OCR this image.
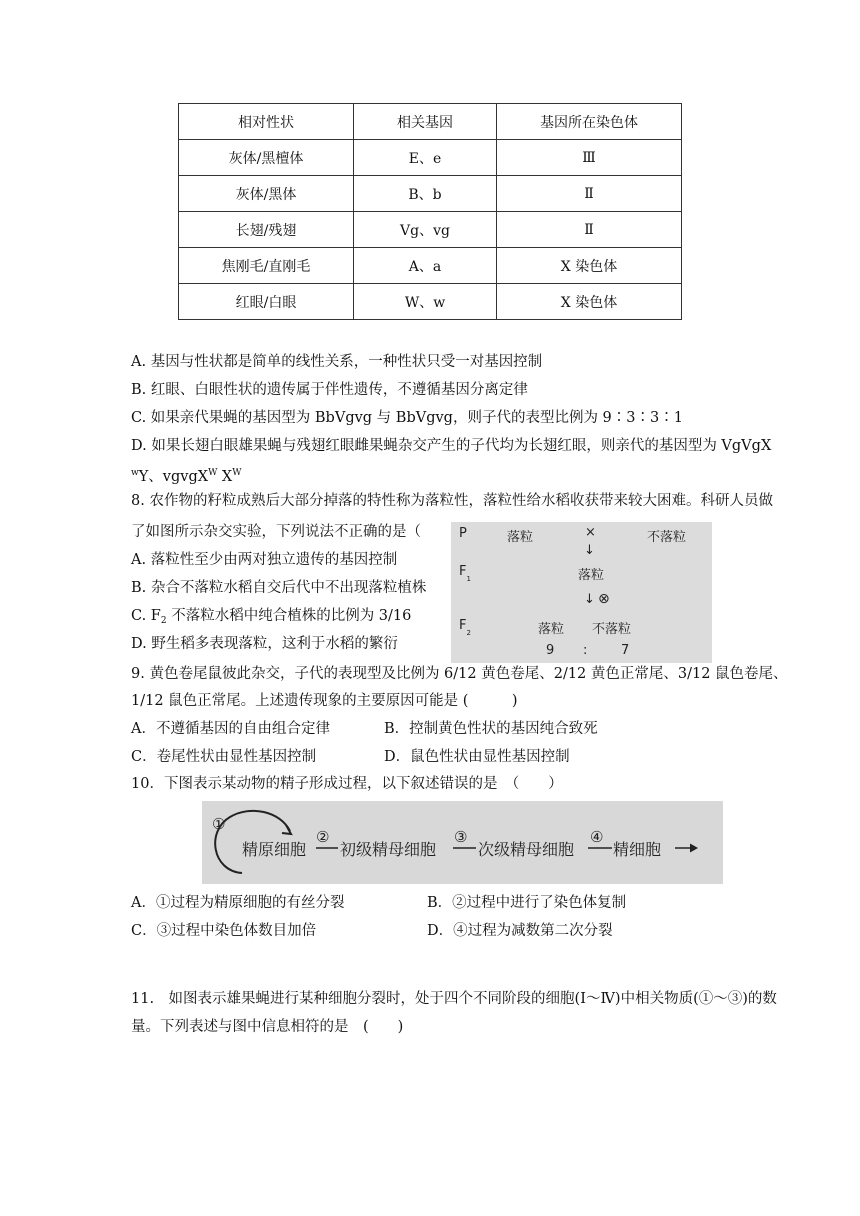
相对性状	相关基因	基因所在染色体
灰体/黑檀体	E、e	Ⅲ
灰体/黑体	B、b	Ⅱ
长翅/残翅	Vg、vg	Ⅱ
焦刚毛/直刚毛	A、a	X 染色体
红眼/白眼	W、w	X 染色体
A. 基因与性状都是简单的线性关系，一种性状只受一对基因控制
B. 红眼、白眼性状的遗传属于伴性遗传，不遵循基因分离定律
C. 如果亲代果蝇的基因型为 BbVgvg 与 BbVgvg，则子代的表型比例为 9∶3∶3∶1
D. 如果长翅白眼雄果蝇与残翅红眼雌果蝇杂交产生的子代均为长翅红眼，则亲代的基因型为 VgVgX
$^w$Y、vgvgX$^W$ $X^W$
8. 农作物的籽粒成熟后大部分掉落的特性称为落粒性，落粒性给水稻收获带来较大困难。科研人员做
了如图所示杂交实验，下列说法不正确的是（
A. 落粒性至少由两对独立遗传的基因控制
B. 杂合不落粒水稻自交后代中不出现落粒植株
C. $F_2$ 不落粒水稻中纯合植株的比例为 3/16
D. 野生稻多表现落粒，这利于水稻的繁衍
P	落粒	×	不落粒
↓
$F_1$	落粒
↓ ⊗
$F_2$	落粒 不落粒
9 :	7
9. 黄色卷尾鼠彼此杂交，子代的表现型及比例为 6/12 黄色卷尾、2/12 黄色正常尾、3/12 鼠色卷尾、
1/12 鼠色正常尾。上述遗传现象的主要原因可能是 (　　　)
A．不遵循基因的自由组合定律	B．控制黄色性状的基因纯合致死
C．卷尾性状由显性基因控制	D．鼠色性状由显性基因控制
10．下图表示某动物的精子形成过程，以下叙述错误的是　（　　）
①
精原细胞
②
初级精母细胞
③
次级精母细胞
④
精细胞
A．①过程为精原细胞的有丝分裂	B．②过程中进行了染色体复制
C．③过程中染色体数目加倍	D．④过程为减数第二次分裂
11.　如图表示雄果蝇进行某种细胞分裂时，处于四个不同阶段的细胞(Ⅰ～Ⅳ)中相关物质(①～③)的数
量。下列表述与图中信息相符的是　(　　)
